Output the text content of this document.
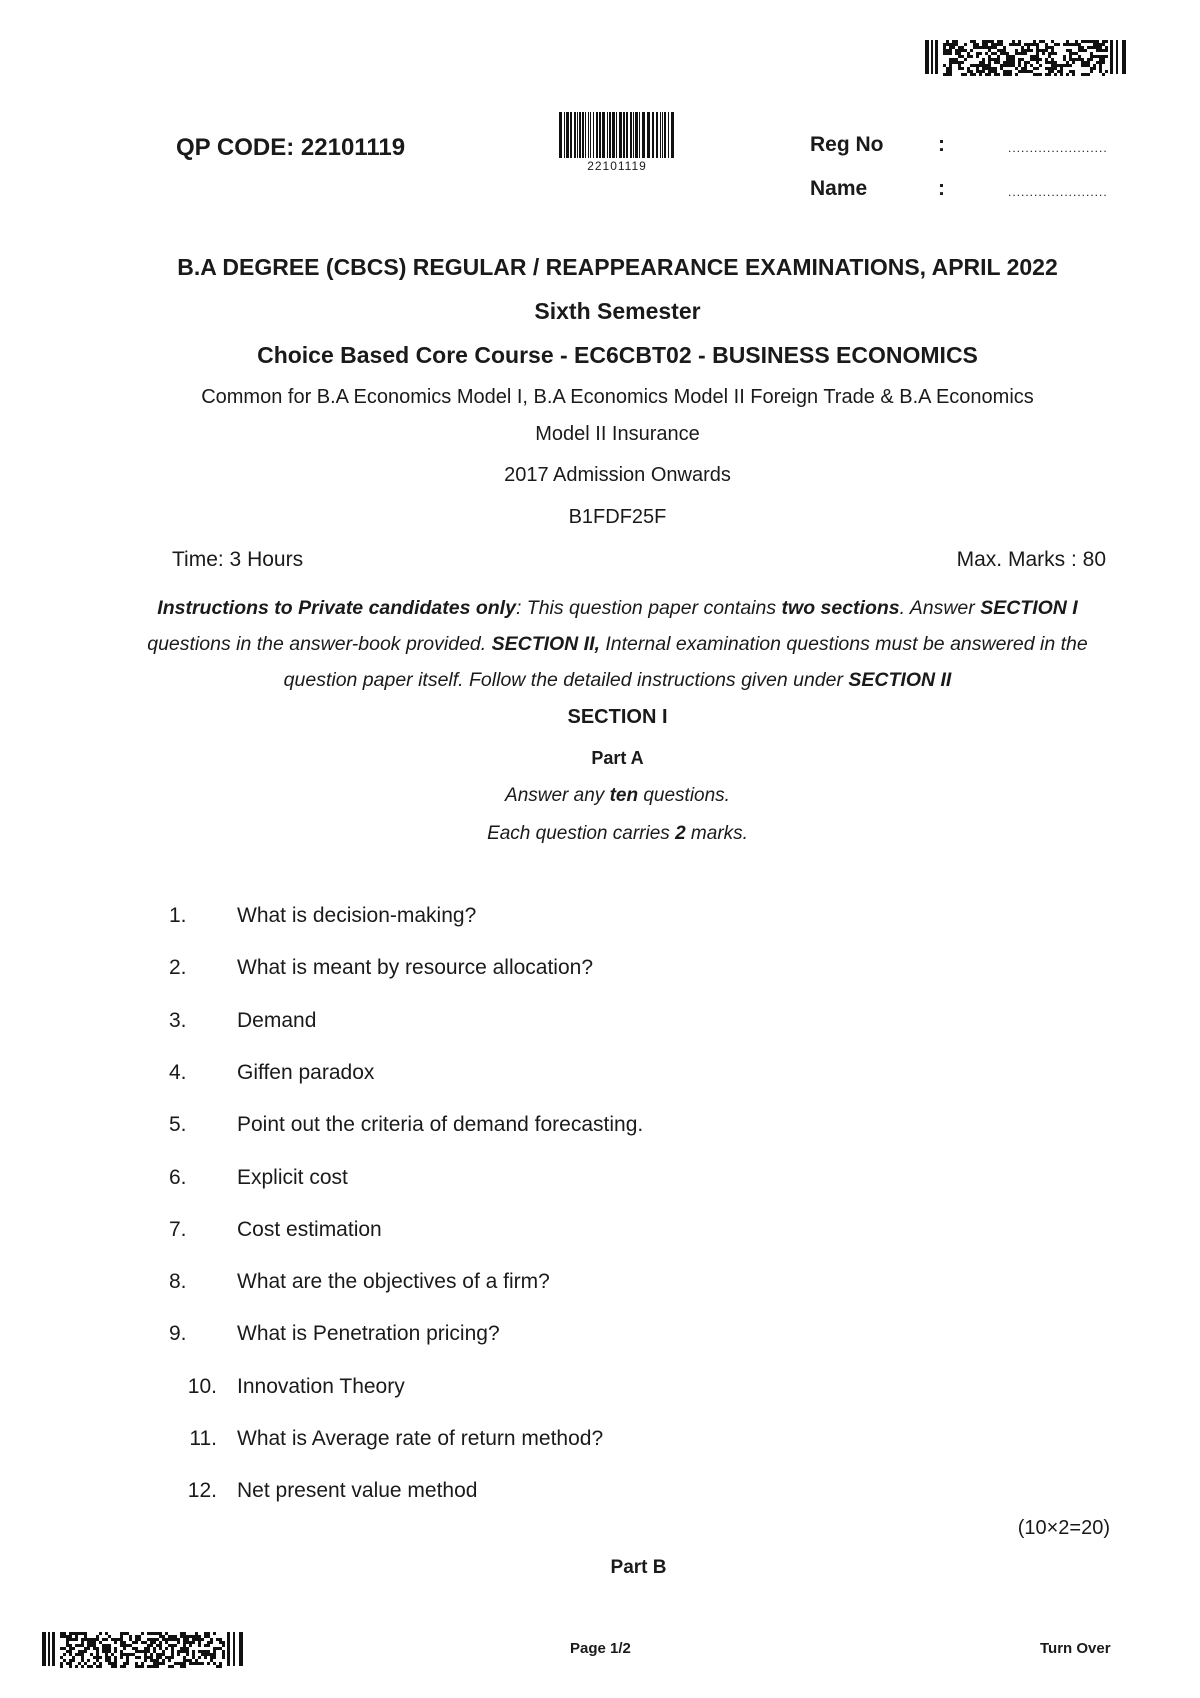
QP CODE: 22101119
22101119
Reg No	:	.......................
Name	:	.......................
B.A DEGREE (CBCS) REGULAR / REAPPEARANCE EXAMINATIONS, APRIL 2022
Sixth Semester
Choice Based Core Course - EC6CBT02 - BUSINESS ECONOMICS
Common for B.A Economics Model I, B.A Economics Model II Foreign Trade & B.A Economics
Model II Insurance
2017 Admission Onwards
B1FDF25F
Time: 3 Hours	Max. Marks : 80
Instructions to Private candidates only: This question paper contains two sections. Answer SECTION I questions in the answer-book provided. SECTION II, Internal examination questions must be answered in the question paper itself. Follow the detailed instructions given under SECTION II
SECTION I
Part A
Answer any ten questions.
Each question carries 2 marks.
1. What is decision-making?
2. What is meant by resource allocation?
3. Demand
4. Giffen paradox
5. Point out the criteria of demand forecasting.
6. Explicit cost
7. Cost estimation
8. What are the objectives of a firm?
9. What is Penetration pricing?
10. Innovation Theory
11. What is Average rate of return method?
12. Net present value method
(10×2=20)
Part B
Page 1/2	Turn Over
